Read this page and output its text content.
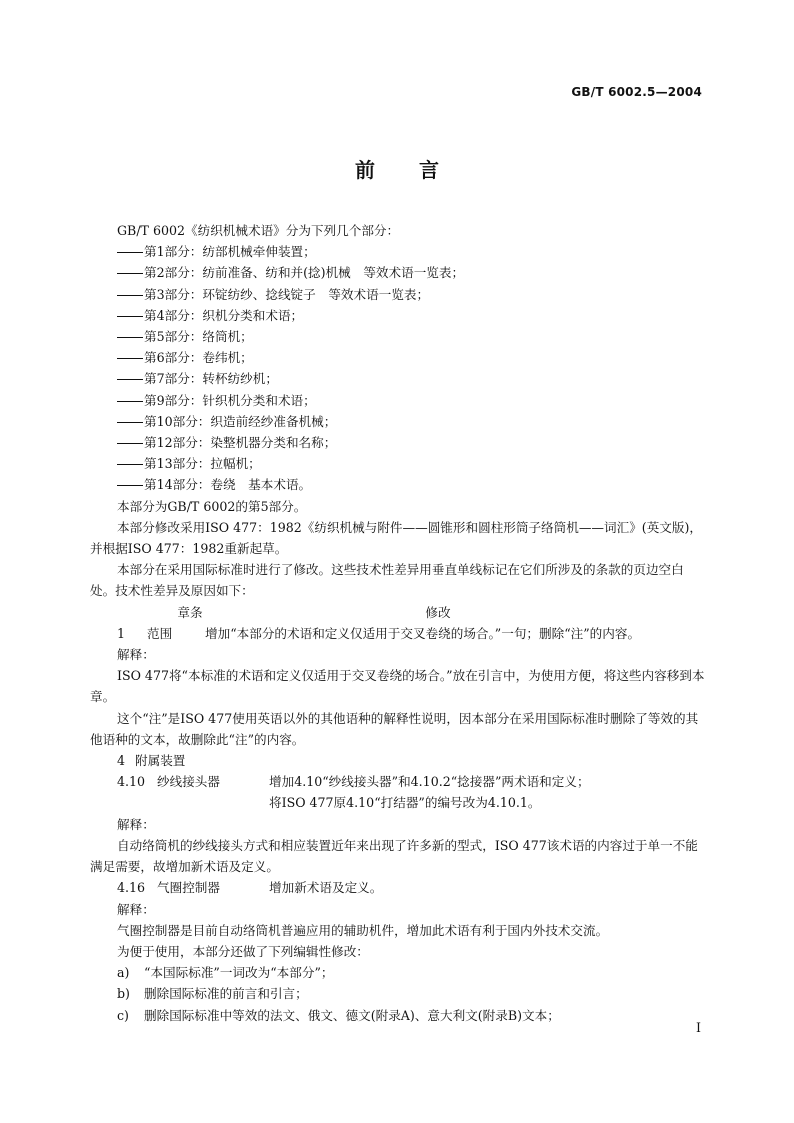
GB/T 6002.5—2004
前言

GB/T 6002《纺织机械术语》分为下列几个部分：

第1部分：纺部机械牵伸装置；

第2部分：纺前准备、纺和并(捻)机械　等效术语一览表；

第3部分：环锭纺纱、捻线锭子　等效术语一览表；

第4部分：织机分类和术语；

第5部分：络筒机；

第6部分：卷纬机；

第7部分：转杯纺纱机；

第9部分：针织机分类和术语；

第10部分：织造前经纱准备机械；

第12部分：染整机器分类和名称；

第13部分：拉幅机；

第14部分：卷绕　基本术语。

本部分为GB/T 6002的第5部分。

本部分修改采用ISO 477：1982《纺织机械与附件——圆锥形和圆柱形筒子络筒机——词汇》(英文版)，并根据ISO 477：1982重新起草。

本部分在采用国际标准时进行了修改。这些技术性差异用垂直单线标记在它们所涉及的条款的页边空白处。技术性差异及原因如下：

章条	修改
1	范围	增加“本部分的术语和定义仅适用于交叉卷绕的场合。”一句；删除“注”的内容。

解释：

ISO 477将“本标准的术语和定义仅适用于交叉卷绕的场合。”放在引言中，为使用方便，将这些内容移到本章。

这个“注”是ISO 477使用英语以外的其他语种的解释性说明，因本部分在采用国际标准时删除了等效的其他语种的文本，故删除此“注”的内容。

4 附属装置
4.10 纱线接头器	增加4.10“纱线接头器”和4.10.2“捻接器”两术语和定义；

将ISO 477原4.10“打结器”的编号改为4.10.1。

解释：

自动络筒机的纱线接头方式和相应装置近年来出现了许多新的型式，ISO 477该术语的内容过于单一不能满足需要，故增加新术语及定义。

4.16 气圈控制器	增加新术语及定义。

解释：

气圈控制器是目前自动络筒机普遍应用的辅助机件，增加此术语有利于国内外技术交流。

为便于使用，本部分还做了下列编辑性修改：

a)	“本国际标准”一词改为“本部分”；
b)	删除国际标准的前言和引言；
c)	删除国际标准中等效的法文、俄文、德文(附录A)、意大利文(附录B)文本；
I
